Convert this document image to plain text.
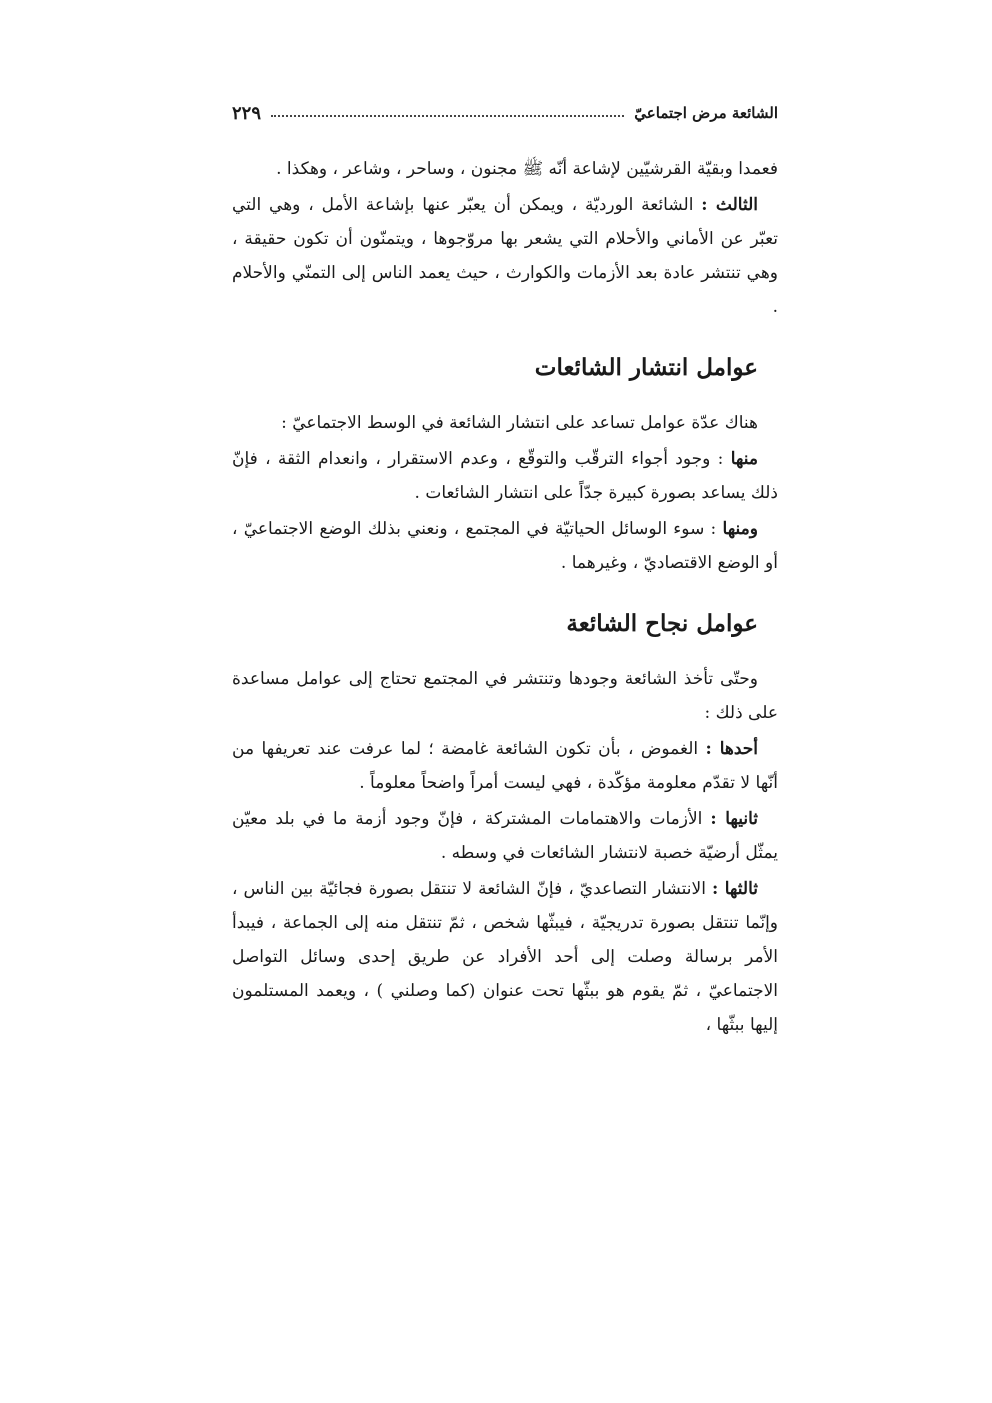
الشائعة مرض اجتماعيّ
٢٢٩

فعمدا وبقيّة القرشيّين لإشاعة أنّه ﷺ مجنون ، وساحر ، وشاعر ، وهكذا .

الثالث : الشائعة الورديّة ، ويمكن أن يعبّر عنها بإشاعة الأمل ، وهي التي تعبّر عن الأماني والأحلام التي يشعر بها مروّجوها ، ويتمنّون أن تكون حقيقة ، وهي تنتشر عادة بعد الأزمات والكوارث ، حيث يعمد الناس إلى التمنّي والأحلام .

عوامل انتشار الشائعات

هناك عدّة عوامل تساعد على انتشار الشائعة في الوسط الاجتماعيّ :

منها : وجود أجواء الترقّب والتوقّع ، وعدم الاستقرار ، وانعدام الثقة ، فإنّ ذلك يساعد بصورة كبيرة جدّاً على انتشار الشائعات .

ومنها : سوء الوسائل الحياتيّة في المجتمع ، ونعني بذلك الوضع الاجتماعيّ ، أو الوضع الاقتصاديّ ، وغيرهما .

عوامل نجاح الشائعة

وحتّى تأخذ الشائعة وجودها وتنتشر في المجتمع تحتاج إلى عوامل مساعدة على ذلك :

أحدها : الغموض ، بأن تكون الشائعة غامضة ؛ لما عرفت عند تعريفها من أنّها لا تقدّم معلومة مؤكّدة ، فهي ليست أمراً واضحاً معلوماً .

ثانيها : الأزمات والاهتمامات المشتركة ، فإنّ وجود أزمة ما في بلد معيّن يمثّل أرضيّة خصبة لانتشار الشائعات في وسطه .

ثالثها : الانتشار التصاعديّ ، فإنّ الشائعة لا تنتقل بصورة فجائيّة بين الناس ، وإنّما تنتقل بصورة تدريجيّة ، فيبثّها شخص ، ثمّ تنتقل منه إلى الجماعة ، فيبدأ الأمر برسالة وصلت إلى أحد الأفراد عن طريق إحدى وسائل التواصل الاجتماعيّ ، ثمّ يقوم هو ببثّها تحت عنوان (كما وصلني ) ، ويعمد المستلمون إليها ببثّها ،
